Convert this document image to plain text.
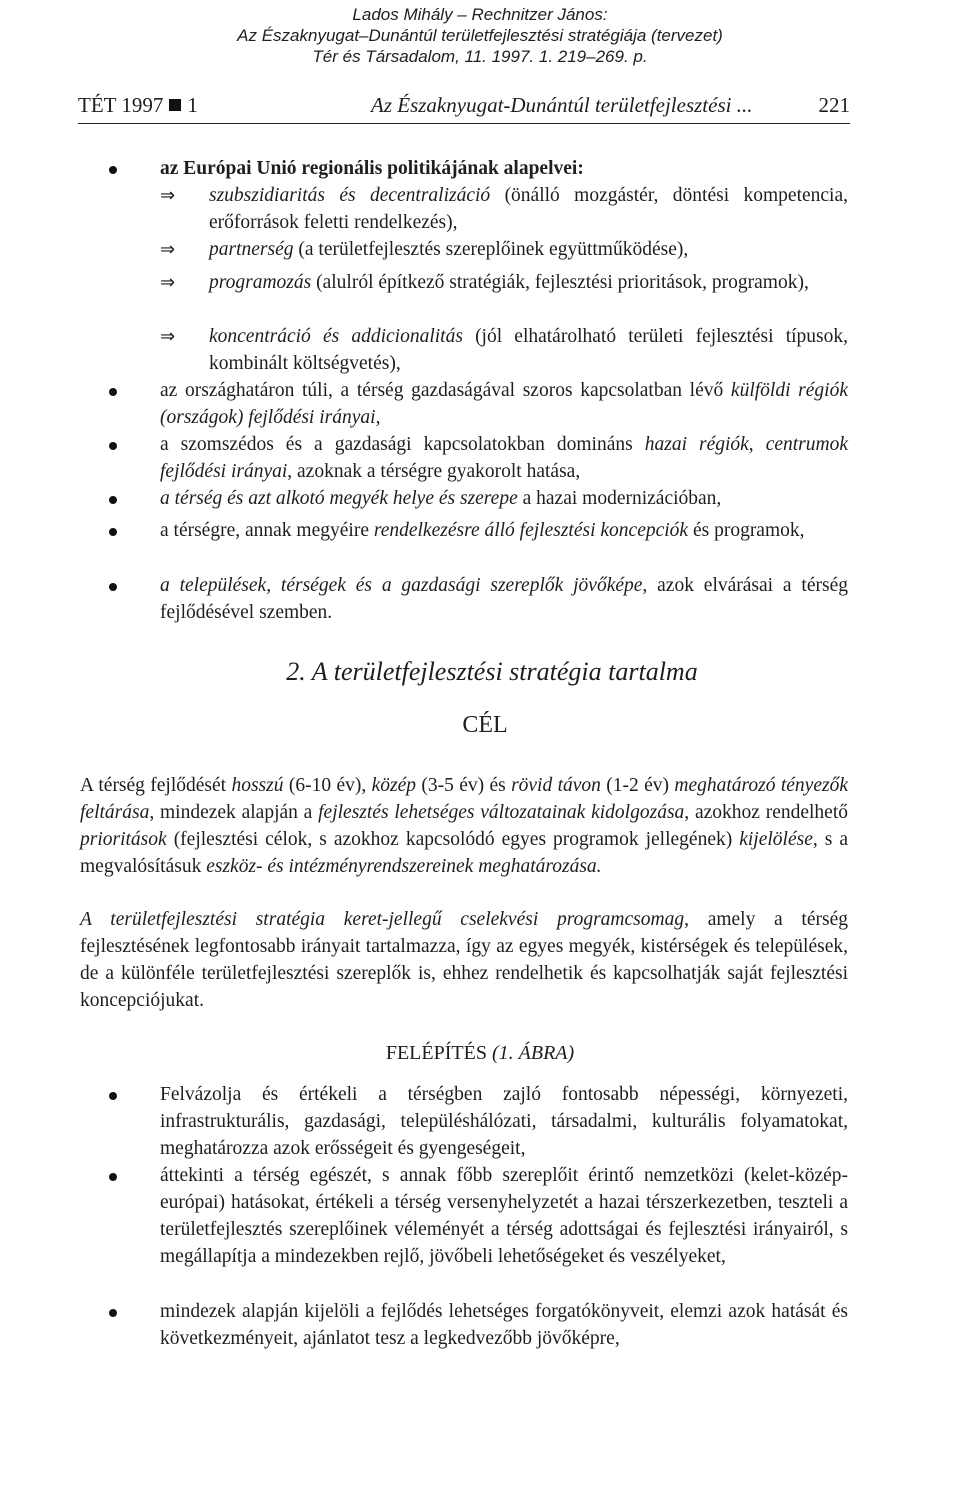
Lados Mihály – Rechnitzer János:
Az Északnyugat–Dunántúl területfejlesztési stratégiája (tervezet)
Tér és Társadalom, 11. 1997. 1. 219–269. p.
TÉT 1997 1	Az Északnyugat-Dunántúl területfejlesztési ...	221
az Európai Unió regionális politikájának alapelvei:
⇒ szubszidiaritás és decentralizáció (önálló mozgástér, döntési kompetencia, erőforrások feletti rendelkezés),
⇒ partnerség (a területfejlesztés szereplőinek együttműködése),
⇒ programozás (alulról építkező stratégiák, fejlesztési prioritások, programok),
⇒ koncentráció és addicionalitás (jól elhatárolható területi fejlesztési típusok, kombinált költségvetés),
az országhatáron túli, a térség gazdaságával szoros kapcsolatban lévő külföldi régiók (országok) fejlődési irányai,
a szomszédos és a gazdasági kapcsolatokban domináns hazai régiók, centrumok fejlődési irányai, azoknak a térségre gyakorolt hatása,
a térség és azt alkotó megyék helye és szerepe a hazai modernizációban,
a térségre, annak megyéire rendelkezésre álló fejlesztési koncepciók és programok,
a települések, térségek és a gazdasági szereplők jövőképe, azok elvárásai a térség fejlődésével szemben.
2. A területfejlesztési stratégia tartalma
CÉL
A térség fejlődését hosszú (6-10 év), közép (3-5 év) és rövid távon (1-2 év) meghatározó tényezők feltárása, mindezek alapján a fejlesztés lehetséges változatainak kidolgozása, azokhoz rendelhető prioritások (fejlesztési célok, s azokhoz kapcsolódó egyes programok jellegének) kijelölése, s a megvalósításuk eszköz- és intézményrendszereinek meghatározása.
A területfejlesztési stratégia keret-jellegű cselekvési programcsomag, amely a térség fejlesztésének legfontosabb irányait tartalmazza, így az egyes megyék, kistérségek és települések, de a különféle területfejlesztési szereplők is, ehhez rendelhetik és kapcsolhatják saját fejlesztési koncepciójukat.
FELÉPÍTÉS (1. ÁBRA)
Felvázolja és értékeli a térségben zajló fontosabb népességi, környezeti, infrastrukturális, gazdasági, településhálózati, társadalmi, kulturális folyamatokat, meghatározza azok erősségeit és gyengeségeit,
áttekinti a térség egészét, s annak főbb szereplőit érintő nemzetközi (kelet-közép-európai) hatásokat, értékeli a térség versenyhelyzetét a hazai térszerkezetben, teszteli a területfejlesztés szereplőinek véleményét a térség adottságai és fejlesztési irányairól, s megállapítja a mindezekben rejlő, jövőbeli lehetőségeket és veszélyeket,
mindezek alapján kijelöli a fejlődés lehetséges forgatókönyveit, elemzi azok hatását és következményeit, ajánlatot tesz a legkedvezőbb jövőképre,
